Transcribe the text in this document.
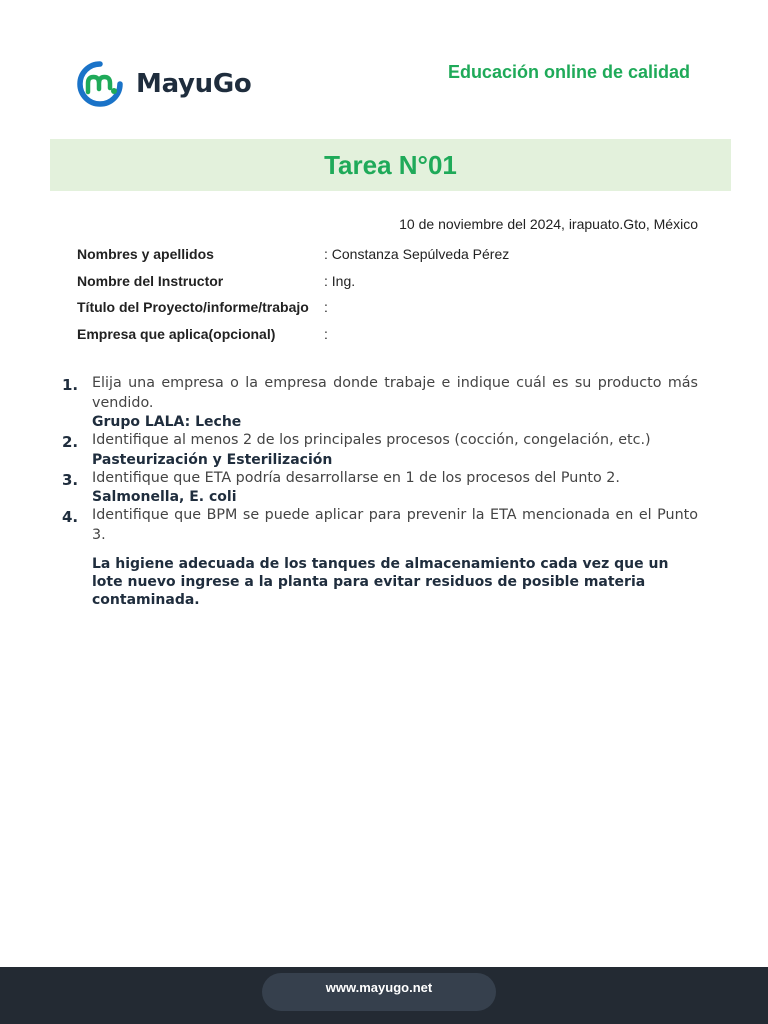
MayuGo	Educación online de calidad
Tarea N°01
10 de noviembre del 2024, irapuato.Gto, México
Nombres y apellidos	: Constanza Sepúlveda Pérez
Nombre del Instructor	: Ing.
Título del Proyecto/informe/trabajo	:
Empresa que aplica(opcional)	:
1. Elija una empresa o la empresa donde trabaje e indique cuál es su producto más vendido.

Grupo LALA: Leche

2. Identifique al menos 2 de los principales procesos (cocción, congelación, etc.)

Pasteurización y Esterilización

3. Identifique que ETA podría desarrollarse en 1 de los procesos del Punto 2.

Salmonella, E. coli

4. Identifique que BPM se puede aplicar para prevenir la ETA mencionada en el Punto 3.

La higiene adecuada de los tanques de almacenamiento cada vez que un lote nuevo ingrese a la planta para evitar residuos de posible materia contaminada.

www.mayugo.net
